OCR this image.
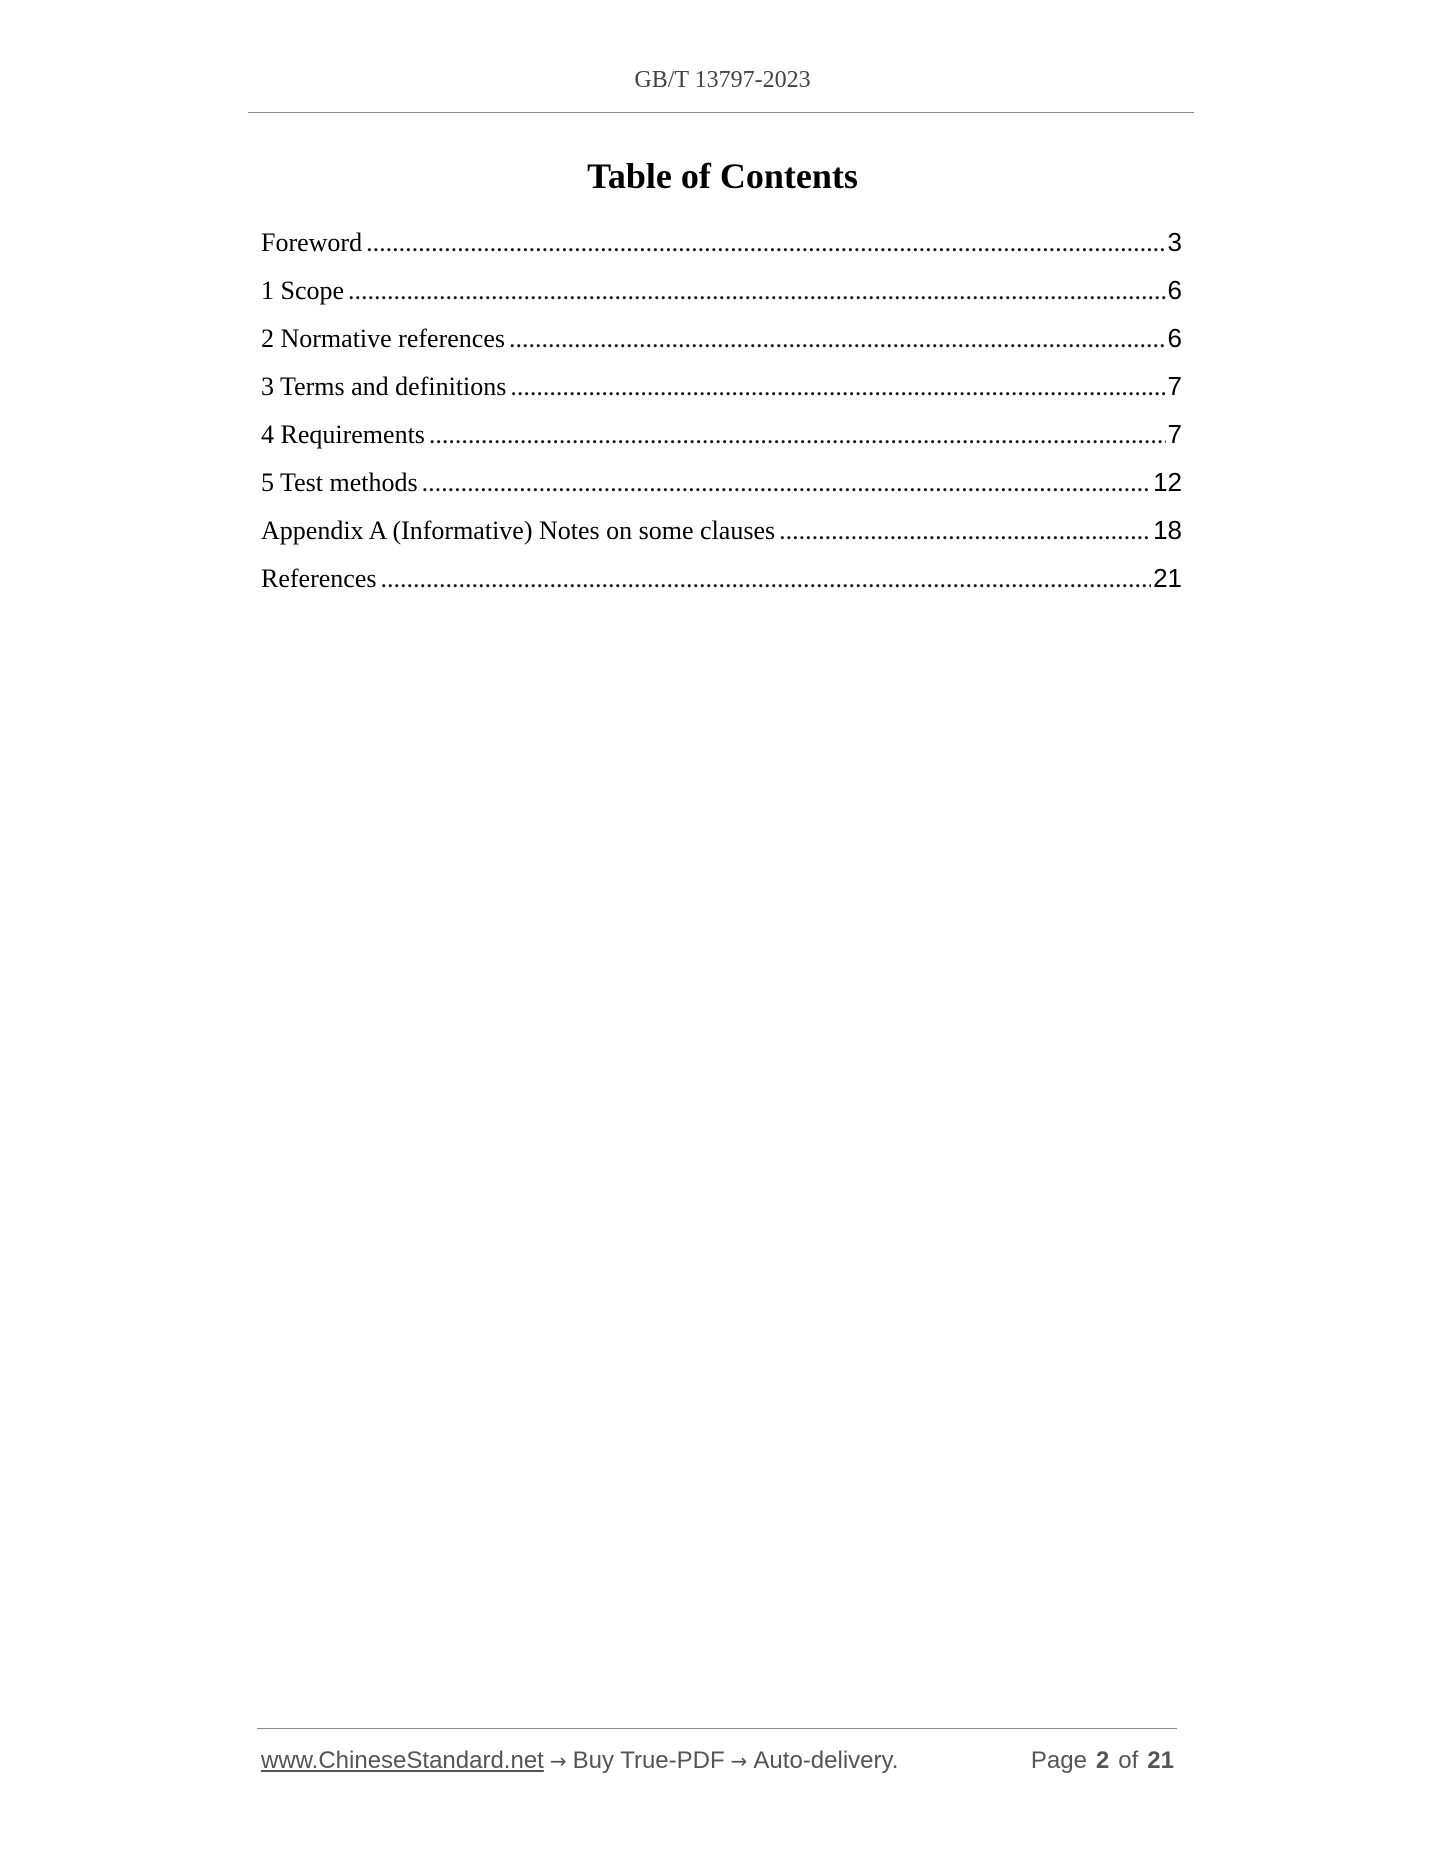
GB/T 13797-2023
Table of Contents
Foreword .....	3
1 Scope .....	6
2 Normative references .....	6
3 Terms and definitions .....	7
4 Requirements .....	7
5 Test methods .....	12
Appendix A (Informative) Notes on some clauses .....	18
References .....	21
www.ChineseStandard.net → Buy True-PDF → Auto-delivery.	Page 2 of 21
